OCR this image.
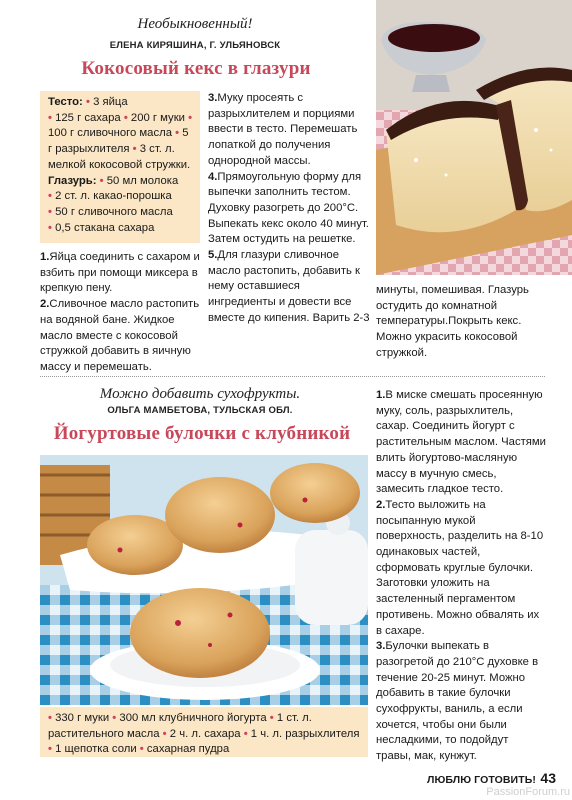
Необыкновенный!
ЕЛЕНА КИРЯШИНА, Г. УЛЬЯНОВСК
Кокосовый кекс в глазури
Тесто: • 3 яйца
• 125 г сахара • 200 г муки • 100 г сливочного масла • 5 г разрыхлителя • 3 ст. л. мелкой кокосовой стружки.
Глазурь: • 50 мл молока
• 2 ст. л. какао-порошка
• 50 г сливочного масла
• 0,5 стакана сахара

1.Яйца соединить с сахаром и взбить при помощи миксера в крепкую пену.

2.Сливочное масло растопить на водяной бане. Жидкое масло вместе с кокосовой стружкой добавить в яичную массу и перемешать.

3.Муку просеять с разрыхлителем и порциями ввести в тесто. Перемешать лопаткой до получения однородной массы.

4.Прямоугольную форму для выпечки заполнить тестом. Духовку разогреть до 200°С. Выпекать кекс около 40 минут. Затем остудить на решетке.

5.Для глазури сливочное масло растопить, добавить к нему оставшиеся ингредиенты и довести все вместе до кипения. Варить 2-3

минуты, помешивая. Глазурь остудить до комнатной температуры.Покрыть кекс. Можно украсить кокосовой стружкой.

Можно добавить сухофрукты.
ОЛЬГА МАМБЕТОВА, ТУЛЬСКАЯ ОБЛ.
Йогуртовые булочки с клубникой
• 330 г муки • 300 мл клубничного йогурта • 1 ст. л. растительного масла • 2 ч. л. сахара • 1 ч. л. разрыхлителя • 1 щепотка соли • сахарная пудра

1.В миске смешать просеянную муку, соль, разрыхлитель, сахар. Соединить йогурт с растительным маслом. Частями влить йогуртово-масляную массу в мучную смесь, замесить гладкое тесто.

2.Тесто выложить на посыпанную мукой поверхность, разделить на 8-10 одинаковых частей, сформовать круглые булочки. Заготовки уложить на застеленный пергаментом противень. Можно обвалять их в сахаре.

3.Булочки выпекать в разогретой до 210°С духовке в течение 20-25 минут. Можно добавить в такие булочки сухофрукты, ваниль, а если хочется, чтобы они были несладкими, то подойдут травы, мак, кунжут.

ЛЮБЛЮ ГОТОВИТЬ! 43
PassionForum.ru
